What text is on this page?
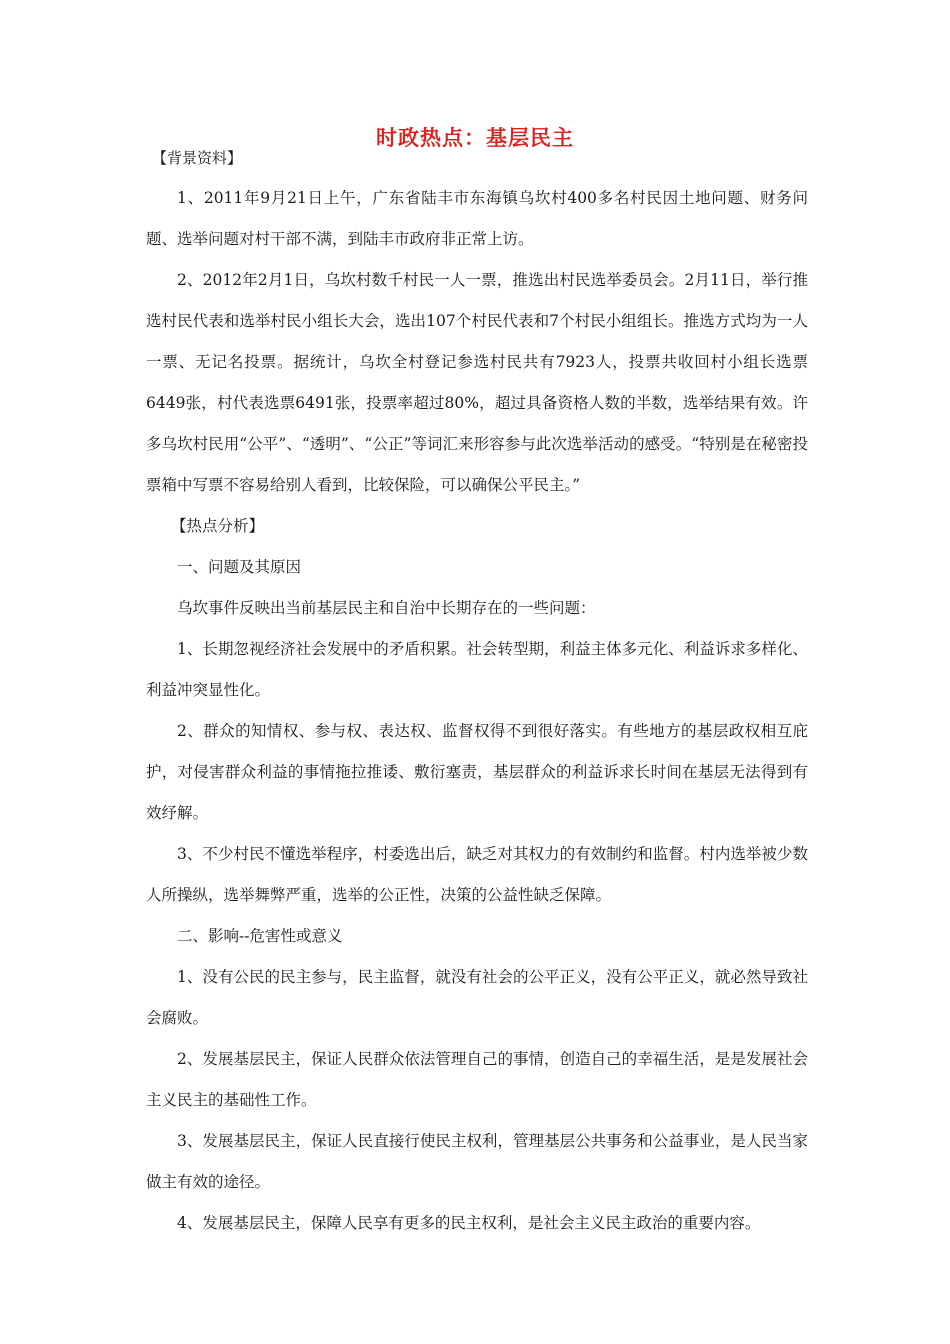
时政热点：基层民主
【背景资料】
1、2011年9月21日上午，广东省陆丰市东海镇乌坎村400多名村民因土地问题、财务问题、选举问题对村干部不满，到陆丰市政府非正常上访。
2、2012年2月1日，乌坎村数千村民一人一票，推选出村民选举委员会。2月11日，举行推选村民代表和选举村民小组长大会，选出107个村民代表和7个村民小组组长。推选方式均为一人一票、无记名投票。据统计，乌坎全村登记参选村民共有7923人，投票共收回村小组长选票6449张，村代表选票6491张，投票率超过80%，超过具备资格人数的半数，选举结果有效。许多乌坎村民用“公平”、“透明”、“公正”等词汇来形容参与此次选举活动的感受。“特别是在秘密投票箱中写票不容易给别人看到，比较保险，可以确保公平民主。”
【热点分析】
一、问题及其原因
乌坎事件反映出当前基层民主和自治中长期存在的一些问题：
1、长期忽视经济社会发展中的矛盾积累。社会转型期，利益主体多元化、利益诉求多样化、利益冲突显性化。
2、群众的知情权、参与权、表达权、监督权得不到很好落实。有些地方的基层政权相互庇护，对侵害群众利益的事情拖拉推诿、敷衍塞责，基层群众的利益诉求长时间在基层无法得到有效纾解。
3、不少村民不懂选举程序，村委选出后，缺乏对其权力的有效制约和监督。村内选举被少数人所操纵，选举舞弊严重，选举的公正性，决策的公益性缺乏保障。
二、影响--危害性或意义
1、没有公民的民主参与，民主监督，就没有社会的公平正义，没有公平正义，就必然导致社会腐败。
2、发展基层民主，保证人民群众依法管理自己的事情，创造自己的幸福生活，是是发展社会主义民主的基础性工作。
3、发展基层民主，保证人民直接行使民主权利，管理基层公共事务和公益事业，是人民当家做主有效的途径。
4、发展基层民主，保障人民享有更多的民主权利，是社会主义民主政治的重要内容。
